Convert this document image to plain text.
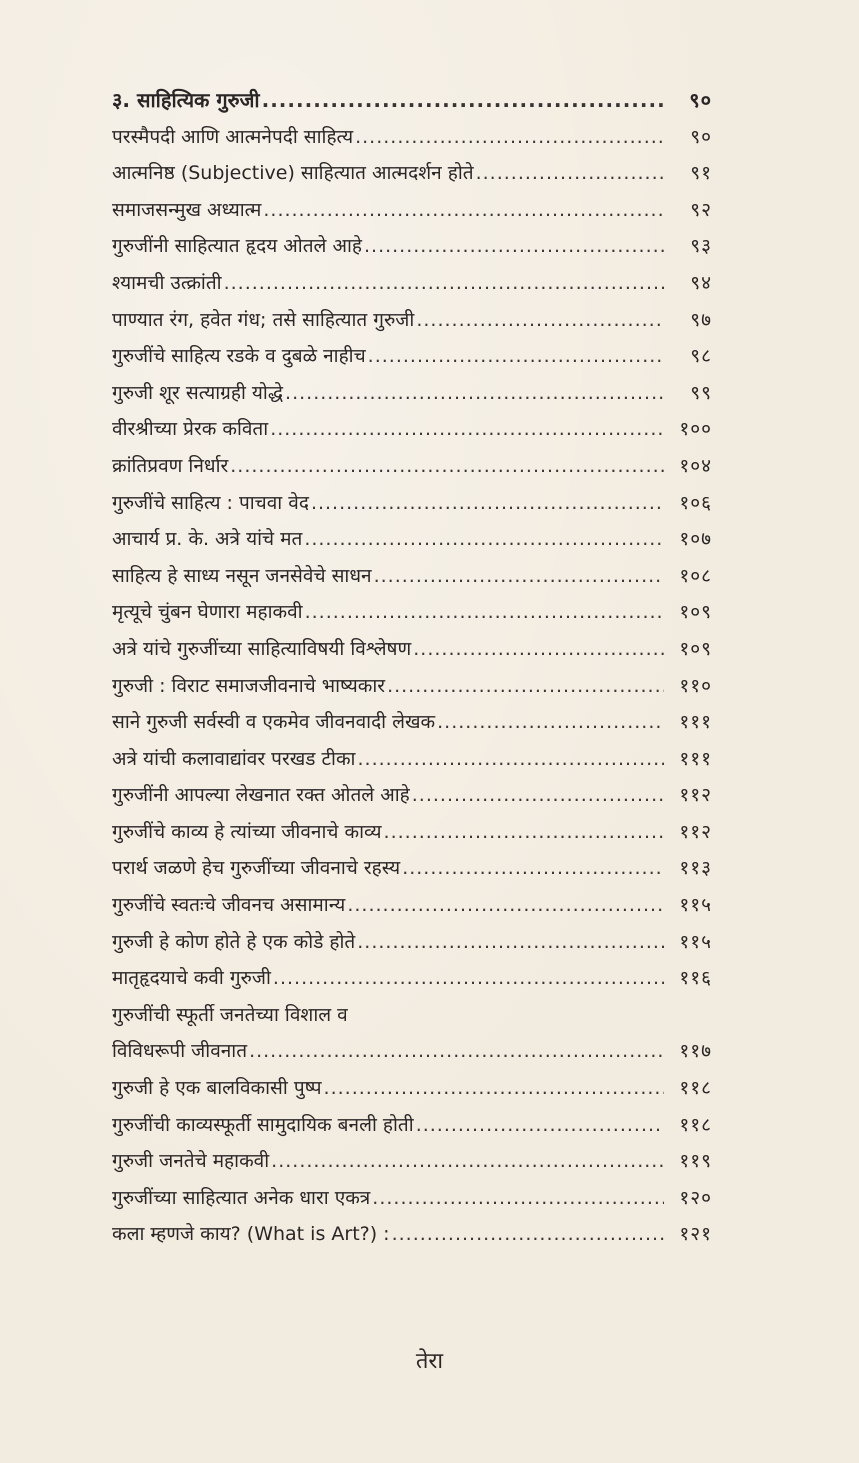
३. साहित्यिक गुरुजी .....	९०
परस्मैपदी आणि आत्मनेपदी साहित्य .....	९०
आत्मनिष्ठ (Subjective) साहित्यात आत्मदर्शन होते .....	९१
समाजसन्मुख अध्यात्म .....	९२
गुरुजींनी साहित्यात हृदय ओतले आहे .....	९३
श्यामची उत्क्रांती .....	९४
पाण्यात रंग, हवेत गंध; तसे साहित्यात गुरुजी .....	९७
गुरुजींचे साहित्य रडके व दुबळे नाहीच .....	९८
गुरुजी शूर सत्याग्रही योद्धे .....	९९
वीरश्रीच्या प्रेरक कविता .....	१००
क्रांतिप्रवण निर्धार .....	१०४
गुरुजींचे साहित्य : पाचवा वेद .....	१०६
आचार्य प्र. के. अत्रे यांचे मत .....	१०७
साहित्य हे साध्य नसून जनसेवेचे साधन .....	१०८
मृत्यूचे चुंबन घेणारा महाकवी .....	१०९
अत्रे यांचे गुरुजींच्या साहित्याविषयी विश्लेषण .....	१०९
गुरुजी : विराट समाजजीवनाचे भाष्यकार .....	११०
साने गुरुजी सर्वस्वी व एकमेव जीवनवादी लेखक .....	१११
अत्रे यांची कलावाद्यांवर परखड टीका .....	१११
गुरुजींनी आपल्या लेखनात रक्त ओतले आहे .....	११२
गुरुजींचे काव्य हे त्यांच्या जीवनाचे काव्य .....	११२
परार्थ जळणे हेच गुरुजींच्या जीवनाचे रहस्य .....	११३
गुरुजींचे स्वतःचे जीवनच असामान्य .....	११५
गुरुजी हे कोण होते हे एक कोडे होते .....	११५
मातृहृदयाचे कवी गुरुजी .....	११६
गुरुजींची स्फूर्ती जनतेच्या विशाल व
विविधरूपी जीवनात .....	११७
गुरुजी हे एक बालविकासी पुष्प .....	११८
गुरुजींची काव्यस्फूर्ती सामुदायिक बनली होती .....	११८
गुरुजी जनतेचे महाकवी .....	११९
गुरुजींच्या साहित्यात अनेक धारा एकत्र .....	१२०
कला म्हणजे काय? (What is Art?) : .....	१२१
तेरा
